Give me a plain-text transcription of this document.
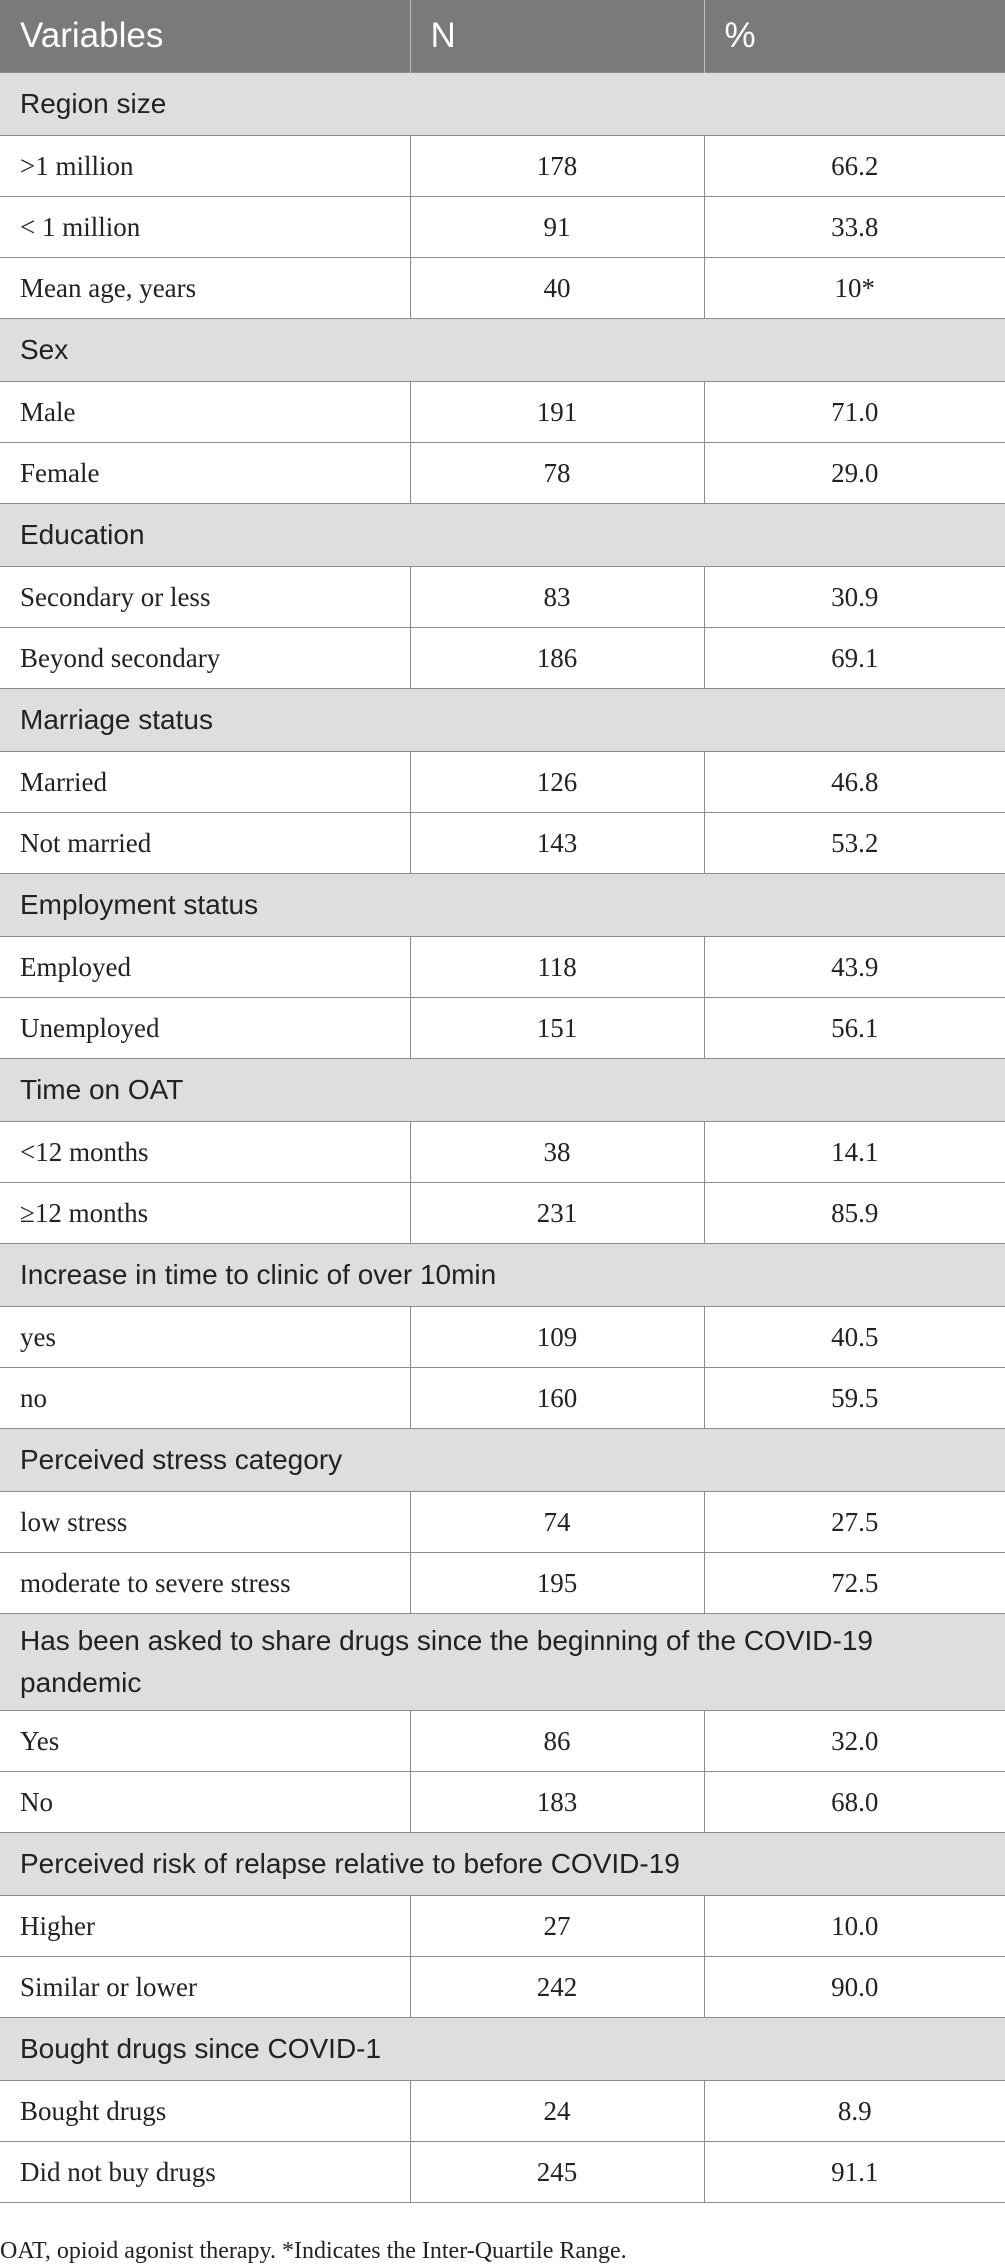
Variables	N	%
Region size		
>1 million	178	66.2
< 1 million	91	33.8
Mean age, years	40	10*
Sex		
Male	191	71.0
Female	78	29.0
Education		
Secondary or less	83	30.9
Beyond secondary	186	69.1
Marriage status		
Married	126	46.8
Not married	143	53.2
Employment status		
Employed	118	43.9
Unemployed	151	56.1
Time on OAT		
<12 months	38	14.1
≥12 months	231	85.9
Increase in time to clinic of over 10min		
yes	109	40.5
no	160	59.5
Perceived stress category		
low stress	74	27.5
moderate to severe stress	195	72.5
Has been asked to share drugs since the beginning of the COVID-19 pandemic		
Yes	86	32.0
No	183	68.0
Perceived risk of relapse relative to before COVID-19		
Higher	27	10.0
Similar or lower	242	90.0
Bought drugs since COVID-1		
Bought drugs	24	8.9
Did not buy drugs	245	91.1
OAT, opioid agonist therapy. *Indicates the Inter-Quartile Range.
